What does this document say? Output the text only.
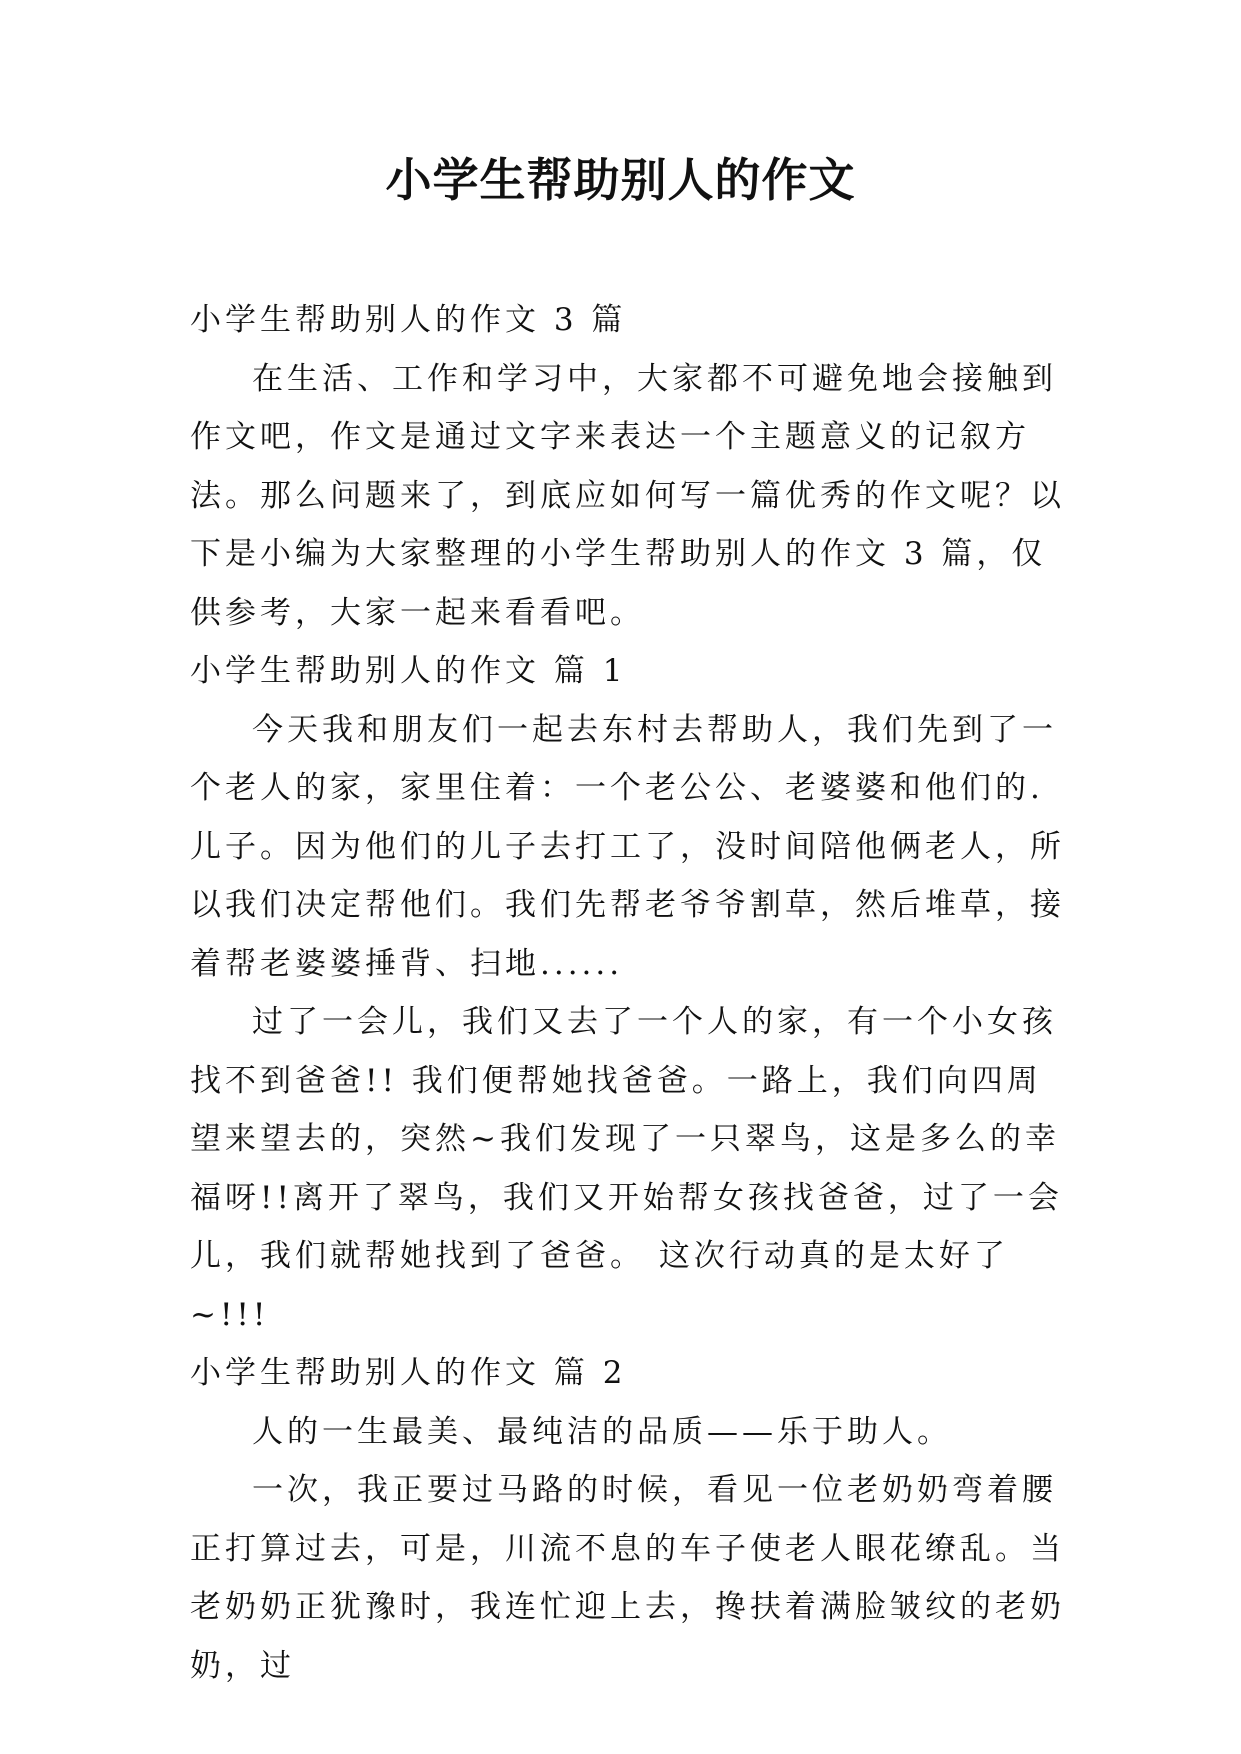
小学生帮助别人的作文
小学生帮助别人的作文 3 篇

在生活、工作和学习中，大家都不可避免地会接触到作文吧，作文是通过文字来表达一个主题意义的记叙方法。那么问题来了，到底应如何写一篇优秀的作文呢？以下是小编为大家整理的小学生帮助别人的作文 3 篇，仅供参考，大家一起来看看吧。

小学生帮助别人的作文 篇 1

今天我和朋友们一起去东村去帮助人，我们先到了一个老人的家，家里住着：一个老公公、老婆婆和他们的.儿子。因为他们的儿子去打工了，没时间陪他俩老人，所以我们决定帮他们。我们先帮老爷爷割草，然后堆草，接着帮老婆婆捶背、扫地......

过了一会儿，我们又去了一个人的家，有一个小女孩找不到爸爸!! 我们便帮她找爸爸。一路上，我们向四周望来望去的，突然~我们发现了一只翠鸟，这是多么的幸福呀!!离开了翠鸟，我们又开始帮女孩找爸爸，过了一会儿，我们就帮她找到了爸爸。 这次行动真的是太好了~!!!

小学生帮助别人的作文 篇 2

人的一生最美、最纯洁的品质——乐于助人。

一次，我正要过马路的时候，看见一位老奶奶弯着腰正打算过去，可是，川流不息的车子使老人眼花缭乱。当老奶奶正犹豫时，我连忙迎上去，搀扶着满脸皱纹的老奶奶，过
